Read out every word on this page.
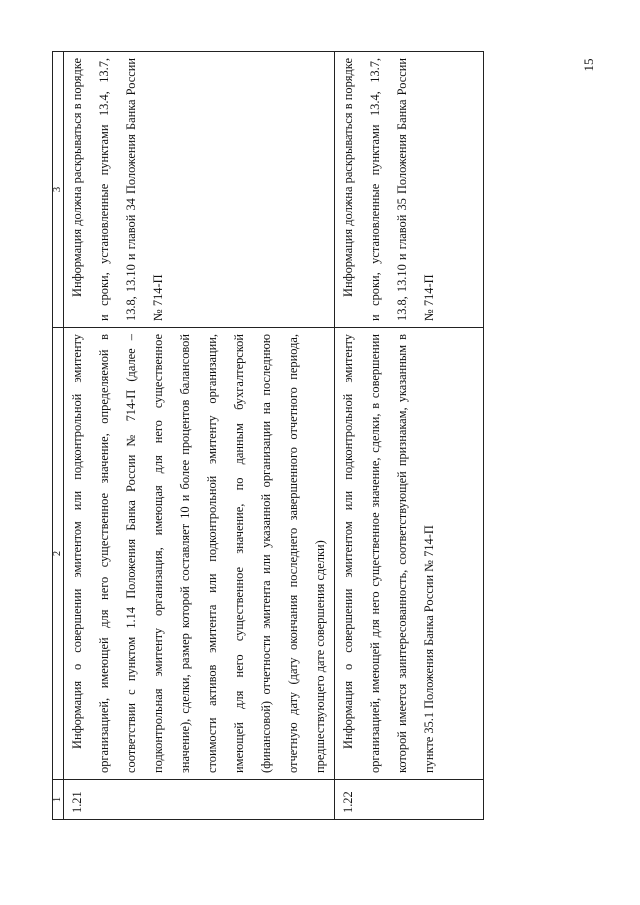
15
1	2	3
1.21	Информация о совершении эмитентом или подконтрольной эмитенту организацией, имеющей для него существенное значение, определяемой в соответствии с пунктом 1.14 Положения Банка России № 714-П (далее – подконтрольная эмитенту организация, имеющая для него существенное значение), сделки, размер которой составляет 10 и более процентов балансовой стоимости активов эмитента или подконтрольной эмитенту организации, имеющей для него существенное значение, по данным бухгалтерской (финансовой) отчетности эмитента или указанной организации на последнюю отчетную дату (дату окончания последнего завершенного отчетного периода, предшествующего дате совершения сделки)	Информация должна раскрываться в порядке и сроки, установленные пунктами 13.4, 13.7, 13.8, 13.10 и главой 34 Положения Банка России № 714-П
1.22	Информация о совершении эмитентом или подконтрольной эмитенту организацией, имеющей для него существенное значение, сделки, в совершении которой имеется заинтересованность, соответствующей признакам, указанным в пункте 35.1 Положения Банка России № 714-П	Информация должна раскрываться в порядке и сроки, установленные пунктами 13.4, 13.7, 13.8, 13.10 и главой 35 Положения Банка России № 714-П
